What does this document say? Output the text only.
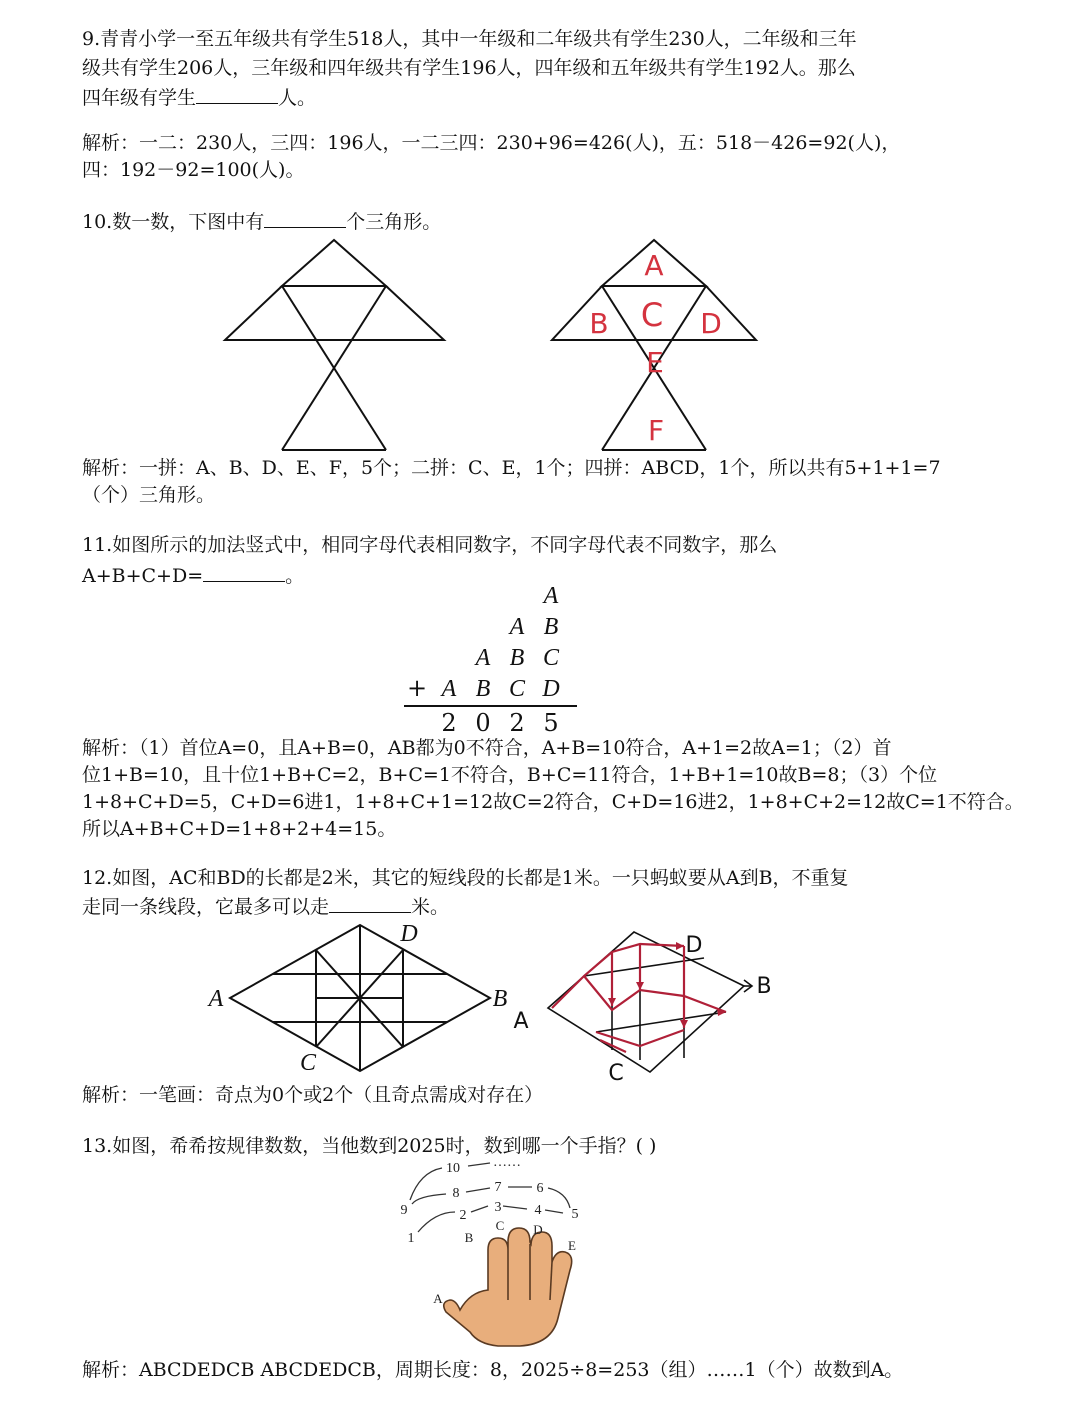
9.青青小学一至五年级共有学生518人，其中一年级和二年级共有学生230人，二年级和三年
级共有学生206人，三年级和四年级共有学生196人，四年级和五年级共有学生192人。那么
四年级有学生	人。
解析：一二：230人，三四：196人，一二三四：230+96=426(人)，五：518－426=92(人)，
四：192－92=100(人)。
10.数一数，下图中有	个三角形。
A
B C D
E
F
解析：一拼：A、B、D、E、F，5个；二拼：C、E，1个；四拼：ABCD，1个，所以共有5+1+1=7
（个）三角形。
11.如图所示的加法竖式中，相同字母代表相同数字，不同字母代表不同数字，那么
A+B+C+D=	。
A
A B
A B C
A B C D
+
2 0 2 5
解析：（1）首位A=0，且A+B=0，AB都为0不符合，A+B=10符合，A+1=2故A=1；（2）首
位1+B=10，且十位1+B+C=2，B+C=1不符合，B+C=11符合，1+B+1=10故B=8；（3）个位
1+8+C+D=5，C+D=6进1，1+8+C+1=12故C=2符合，C+D=16进2，1+8+C+2=12故C=1不符合。
所以A+B+C+D=1+8+2+4=15。
12.如图，AC和BD的长都是2米，其它的短线段的长都是1米。一只蚂蚁要从A到B，不重复
走同一条线段，它最多可以走	米。
A	B
C
D
A
B
C
D
解析：一笔画：奇点为0个或2个（且奇点需成对存在）
13.如图，希希按规律数数，当他数到2025时，数到哪一个手指？( )
1
2
3 4 5
6
7
8
9
10 ……
A
B
C D
E
解析：ABCDEDCB ABCDEDCB，周期长度：8，2025÷8=253（组）……1（个）故数到A。
